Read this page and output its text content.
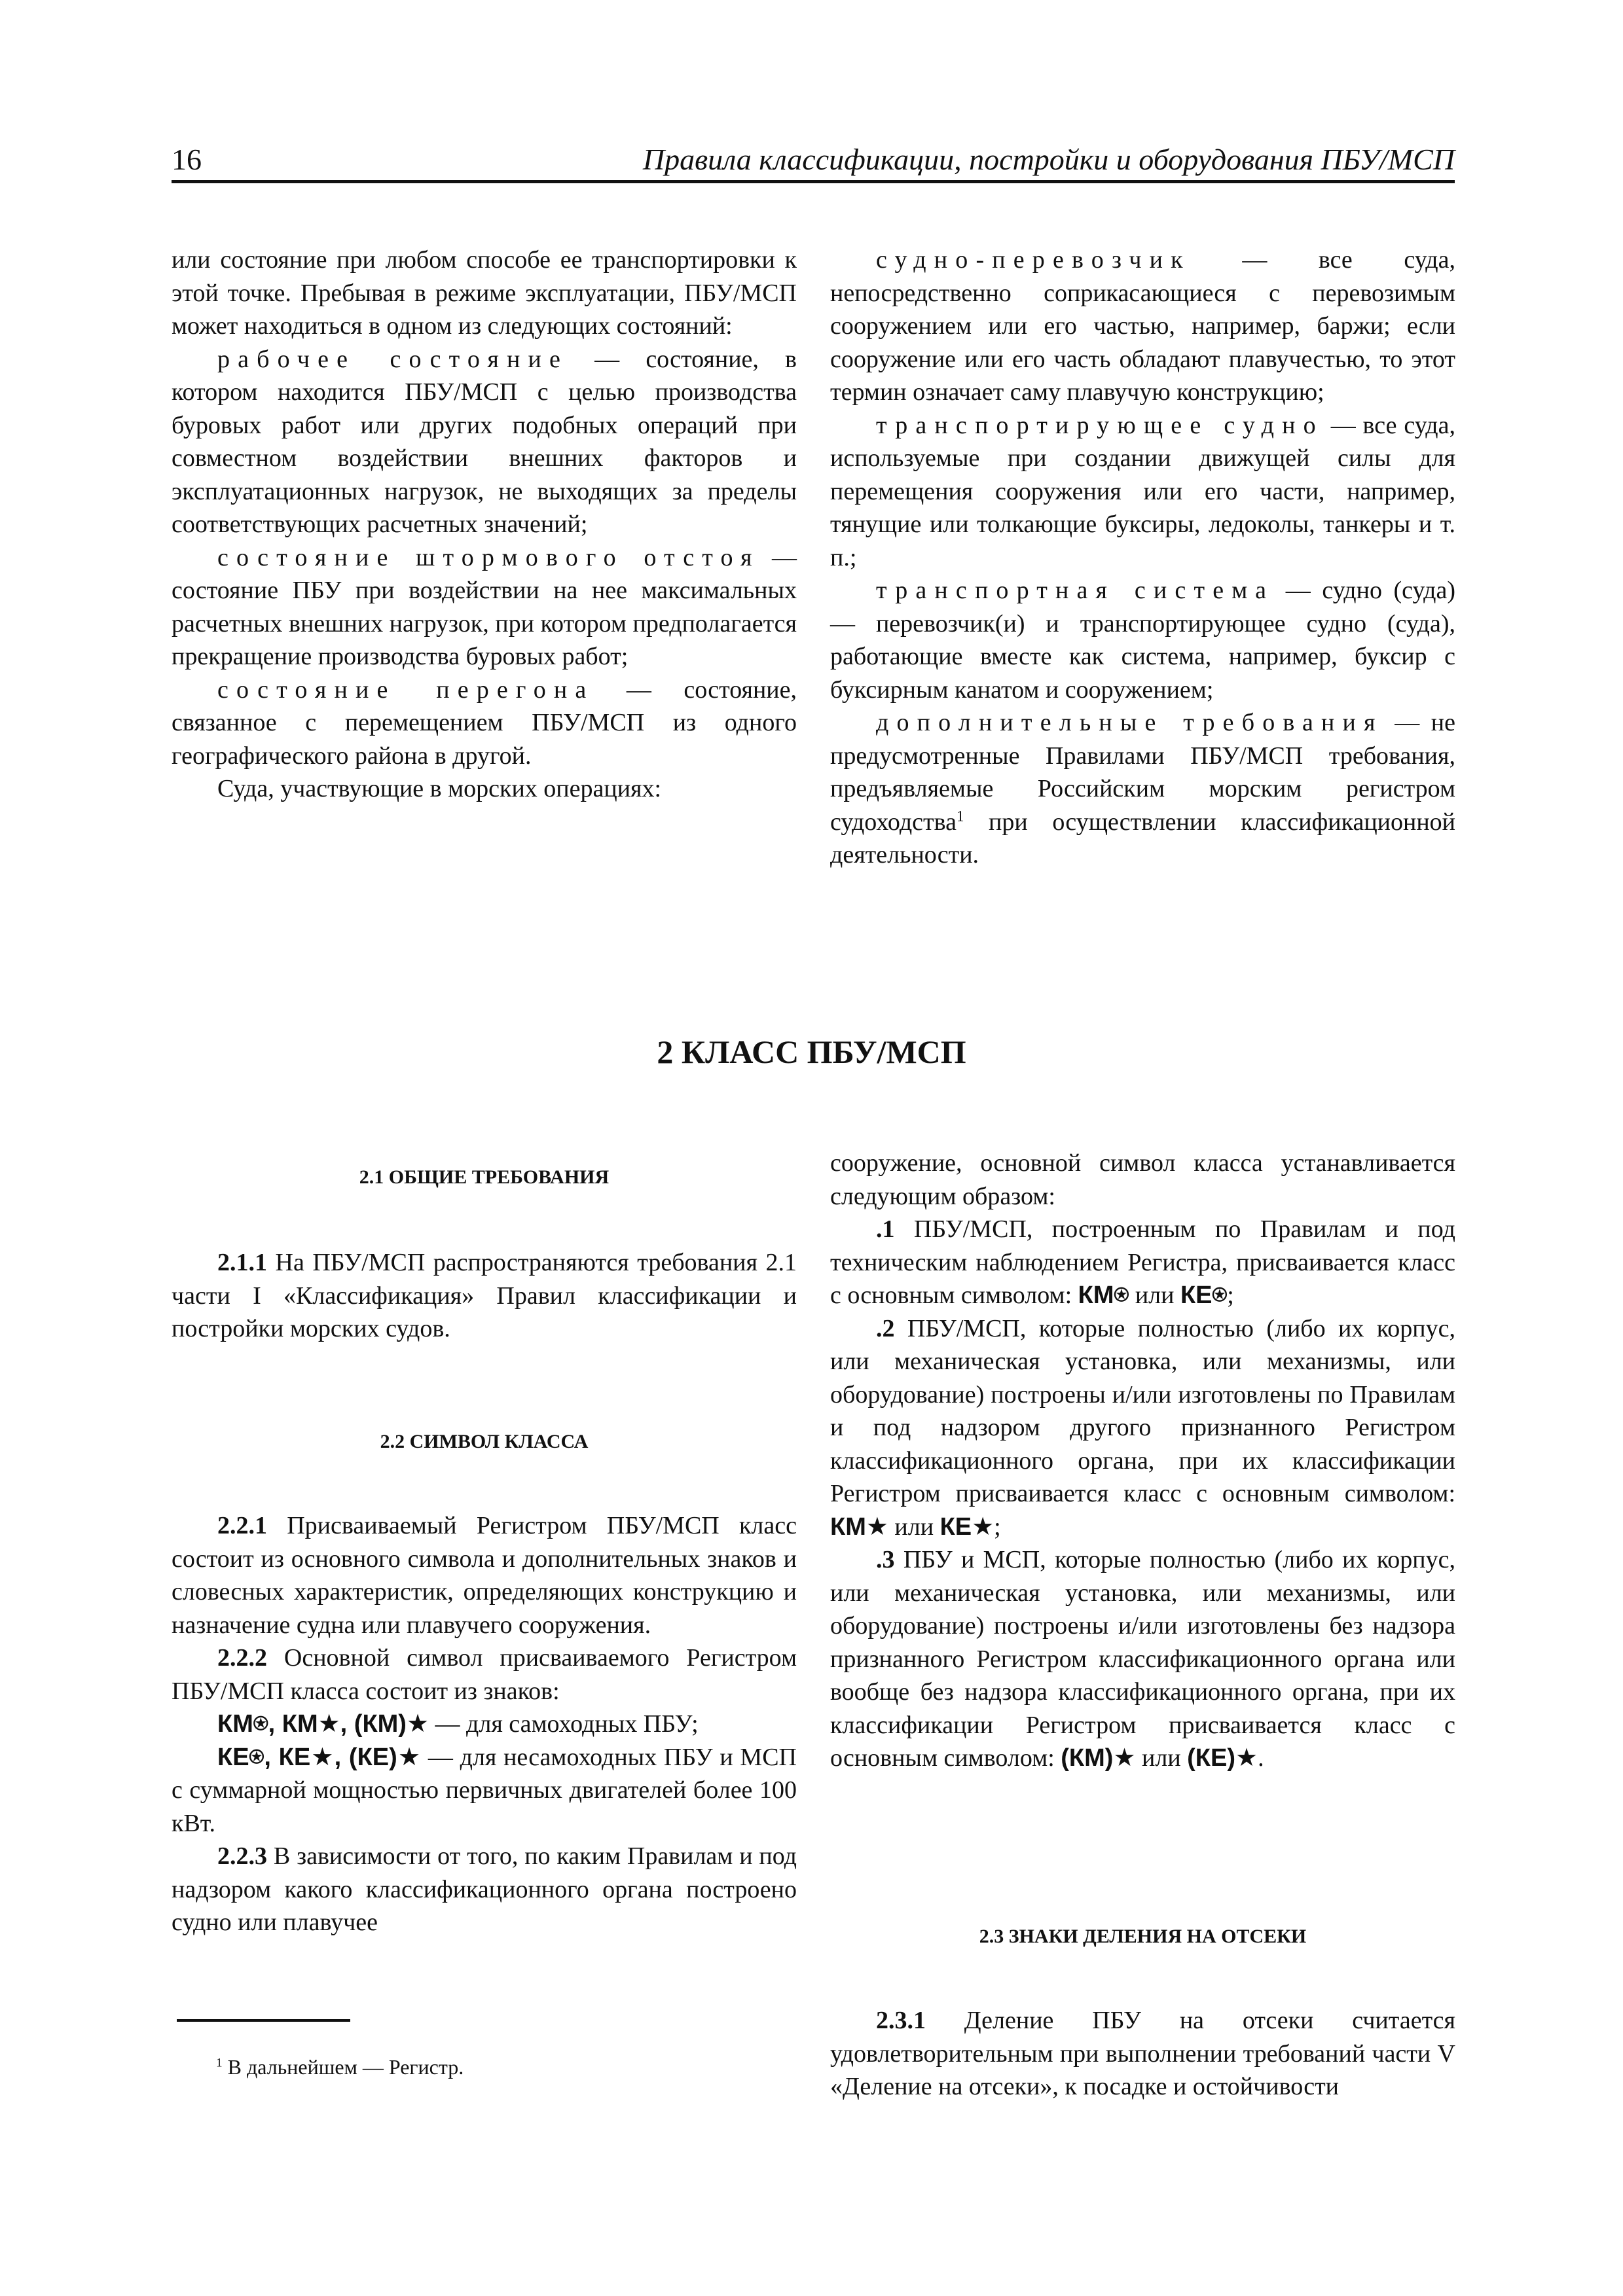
16	Правила классификации, постройки и оборудования ПБУ/МСП

или состояние при любом способе ее транспортировки к этой точке. Пребывая в режиме эксплуатации, ПБУ/МСП может находиться в одном из следующих состояний:

рабочее состояние — состояние, в котором находится ПБУ/МСП с целью производства буровых работ или других подобных операций при совместном воздействии внешних факторов и эксплуатационных нагрузок, не выходящих за пределы соответствующих расчетных значений;

состояние штормового отстоя — состояние ПБУ при воздействии на нее максимальных расчетных внешних нагрузок, при котором предполагается прекращение производства буровых работ;

состояние перегона — состояние, связанное с перемещением ПБУ/МСП из одного географического района в другой.

Суда, участвующие в морских операциях:

судно-перевозчик — все суда, непосредственно соприкасающиеся с перевозимым сооружением или его частью, например, баржи; если сооружение или его часть обладают плавучестью, то этот термин означает саму плавучую конструкцию;

транспортирующее судно — все суда, используемые при создании движущей силы для перемещения сооружения или его части, например, тянущие или толкающие буксиры, ледоколы, танкеры и т. п.;

транспортная система — судно (суда) — перевозчик(и) и транспортирующее судно (суда), работающие вместе как система, например, буксир с буксирным канатом и сооружением;

дополнительные требования — не предусмотренные Правилами ПБУ/МСП требования, предъявляемые Российским морским регистром судоходства$^1$ при осуществлении классификационной деятельности.

2 КЛАСС ПБУ/МСП
2.1 ОБЩИЕ ТРЕБОВАНИЯ

2.1.1 На ПБУ/МСП распространяются требования 2.1 части I «Классификация» Правил классификации и постройки морских судов.

2.2 СИМВОЛ КЛАССА

2.2.1 Присваиваемый Регистром ПБУ/МСП класс состоит из основного символа и дополнительных знаков и словесных характеристик, определяющих конструкцию и назначение судна или плавучего сооружения.

2.2.2 Основной символ присваиваемого Регистром ПБУ/МСП класса состоит из знаков:

КМ⍟, КМ★, (КМ)★ — для самоходных ПБУ;

КЕ⍟, КЕ★, (КЕ)★ — для несамоходных ПБУ и МСП с суммарной мощностью первичных двигателей более 100 кВт.

2.2.3 В зависимости от того, по каким Правилам и под надзором какого классификационного органа построено судно или плавучее

$^1$ В дальнейшем — Регистр.

сооружение, основной символ класса устанавливается следующим образом:

.1 ПБУ/МСП, построенным по Правилам и под техническим наблюдением Регистра, присваивается класс с основным символом: КМ⍟ или КЕ⍟;

.2 ПБУ/МСП, которые полностью (либо их корпус, или механическая установка, или механизмы, или оборудование) построены и/или изготовлены по Правилам и под надзором другого признанного Регистром классификационного органа, при их классификации Регистром присваивается класс с основным символом: КМ★ или КЕ★;

.3 ПБУ и МСП, которые полностью (либо их корпус, или механическая установка, или механизмы, или оборудование) построены и/или изготовлены без надзора признанного Регистром классификационного органа или вообще без надзора классификационного органа, при их классификации Регистром присваивается класс с основным символом: (КМ)★ или (КЕ)★.

2.3 ЗНАКИ ДЕЛЕНИЯ НА ОТСЕКИ

2.3.1 Деление ПБУ на отсеки считается удовлетворительным при выполнении требований части V «Деление на отсеки», к посадке и остойчивости
